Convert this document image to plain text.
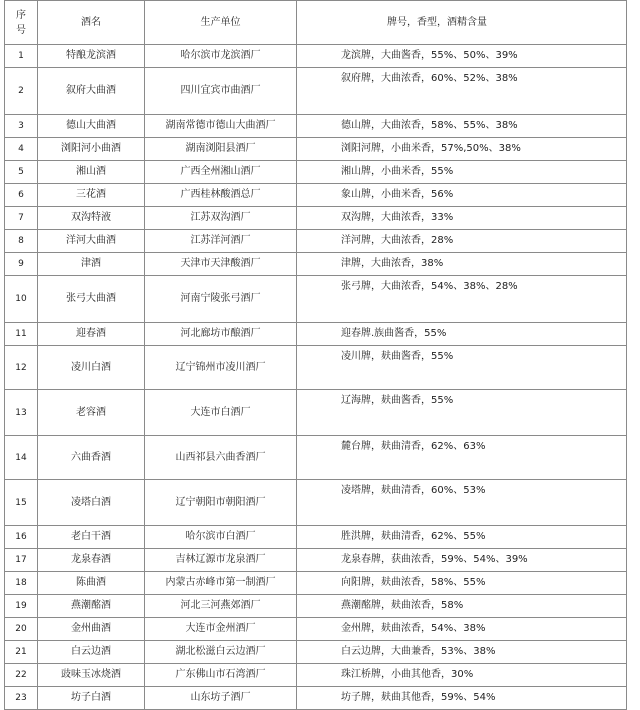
序
号	酒名	生产单位	牌号，香型，酒精含量
1	特酿龙滨酒	哈尔滨市龙滨酒厂	龙滨牌，大曲酱香，55%、50%、39%
2	叙府大曲酒	四川宜宾市曲酒厂	叙府牌，大曲浓香，60%、52%、38%
3	德山大曲酒	湖南常德市德山大曲酒厂	德山牌，大曲浓香，58%、55%、38%
4	浏阳河小曲酒	湖南浏阳县酒厂	浏阳河牌，小曲米香，57%,50%、38%
5	湘山酒	广西全州湘山酒厂	湘山牌，小曲米香，55%
6	三花酒	广西桂林酸酒总厂	象山牌，小曲米香，56%
7	双沟特液	江苏双沟酒厂	双沟牌，大曲浓香，33%
8	洋河大曲酒	江苏洋河酒厂	洋河牌，大曲浓香，28%
9	津酒	天津市天津酸酒厂	津牌，大曲浓香，38%
10	张弓大曲酒	河南宁陵张弓酒厂	张弓牌，大曲浓香，54%、38%、28%
11	迎春酒	河北廊坊市酿酒厂	迎春牌.族曲酱香，55%
12	凌川白酒	辽宁锦州市凌川酒厂	凌川牌，麸曲酱香，55%
13	老容酒	大连市白酒厂	辽海牌，麸曲酱香，55%
14	六曲香酒	山西祁县六曲香酒厂	麓台牌，麸曲清香，62%、63%
15	凌塔白酒	辽宁朝阳市朝阳酒厂	凌塔牌，麸曲清香，60%、53%
16	老白干酒	哈尔滨市白酒厂	胜洪牌，麸曲清香，62%、55%
17	龙泉春酒	吉林辽源市龙泉酒厂	龙泉春牌，获曲浓香，59%、54%、39%
18	陈曲酒	内蒙古赤峰市第一制酒厂	向阳牌，麸曲浓香，58%、55%
19	燕潮酩酒	河北三河燕郊酒厂	燕潮酩牌，麸曲浓香，58%
20	金州曲酒	大连市金州酒厂	金州牌，麸曲浓香，54%、38%
21	白云边酒	湖北松滋白云边酒厂	白云边牌，大曲兼香，53%、38%
22	豉味玉冰烧酒	广东佛山市石湾酒厂	珠江桥牌，小曲其他香，30%
23	坊子白酒	山东坊子酒厂	坊子牌，麸曲其他香，59%、54%
